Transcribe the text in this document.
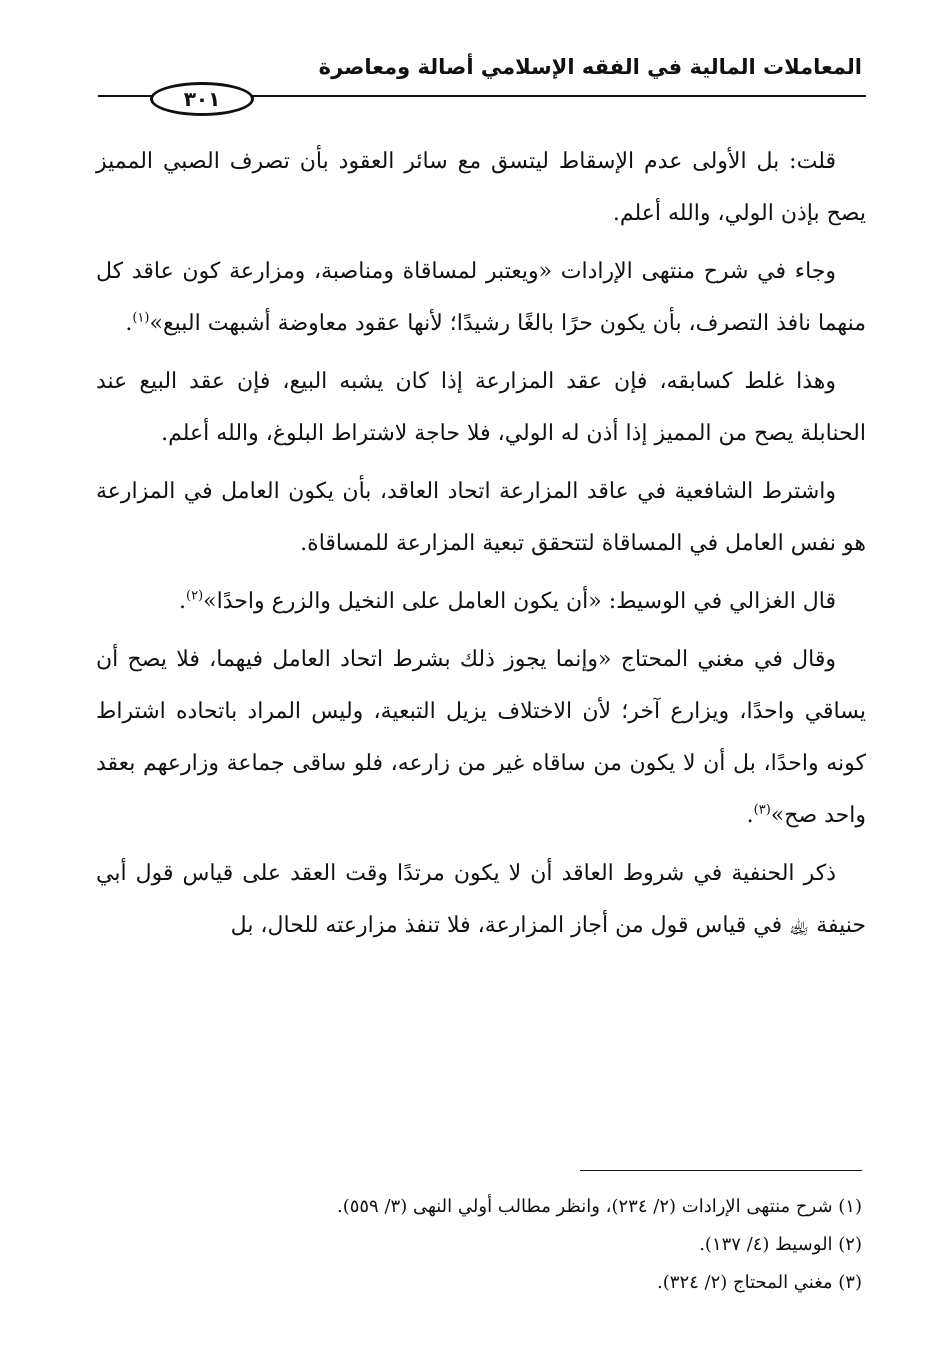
المعاملات المالية في الفقه الإسلامي أصالة ومعاصرة
٣٠١

قلت: بل الأولى عدم الإسقاط ليتسق مع سائر العقود بأن تصرف الصبي المميز يصح بإذن الولي، والله أعلم.

وجاء في شرح منتهى الإرادات «ويعتبر لمساقاة ومناصبة، ومزارعة كون عاقد كل منهما نافذ التصرف، بأن يكون حرًا بالغًا رشيدًا؛ لأنها عقود معاوضة أشبهت البيع»$^{(١)}$.

وهذا غلط كسابقه، فإن عقد المزارعة إذا كان يشبه البيع، فإن عقد البيع عند الحنابلة يصح من المميز إذا أذن له الولي، فلا حاجة لاشتراط البلوغ، والله أعلم.

واشترط الشافعية في عاقد المزارعة اتحاد العاقد، بأن يكون العامل في المزارعة هو نفس العامل في المساقاة لتتحقق تبعية المزارعة للمساقاة.

قال الغزالي في الوسيط: «أن يكون العامل على النخيل والزرع واحدًا»$^{(٢)}$.

وقال في مغني المحتاج «وإنما يجوز ذلك بشرط اتحاد العامل فيهما، فلا يصح أن يساقي واحدًا، ويزارع آخر؛ لأن الاختلاف يزيل التبعية، وليس المراد باتحاده اشتراط كونه واحدًا، بل أن لا يكون من ساقاه غير من زارعه، فلو ساقى جماعة وزارعهم بعقد واحد صح»$^{(٣)}$.

ذكر الحنفية في شروط العاقد أن لا يكون مرتدًا وقت العقد على قياس قول أبي حنيفة ﵀ في قياس قول من أجاز المزارعة، فلا تنفذ مزارعته للحال، بل

(١) شرح منتهى الإرادات (٢/ ٢٣٤)، وانظر مطالب أولي النهى (٣/ ٥٥٩).

(٢) الوسيط (٤/ ١٣٧).

(٣) مغني المحتاج (٢/ ٣٢٤).
